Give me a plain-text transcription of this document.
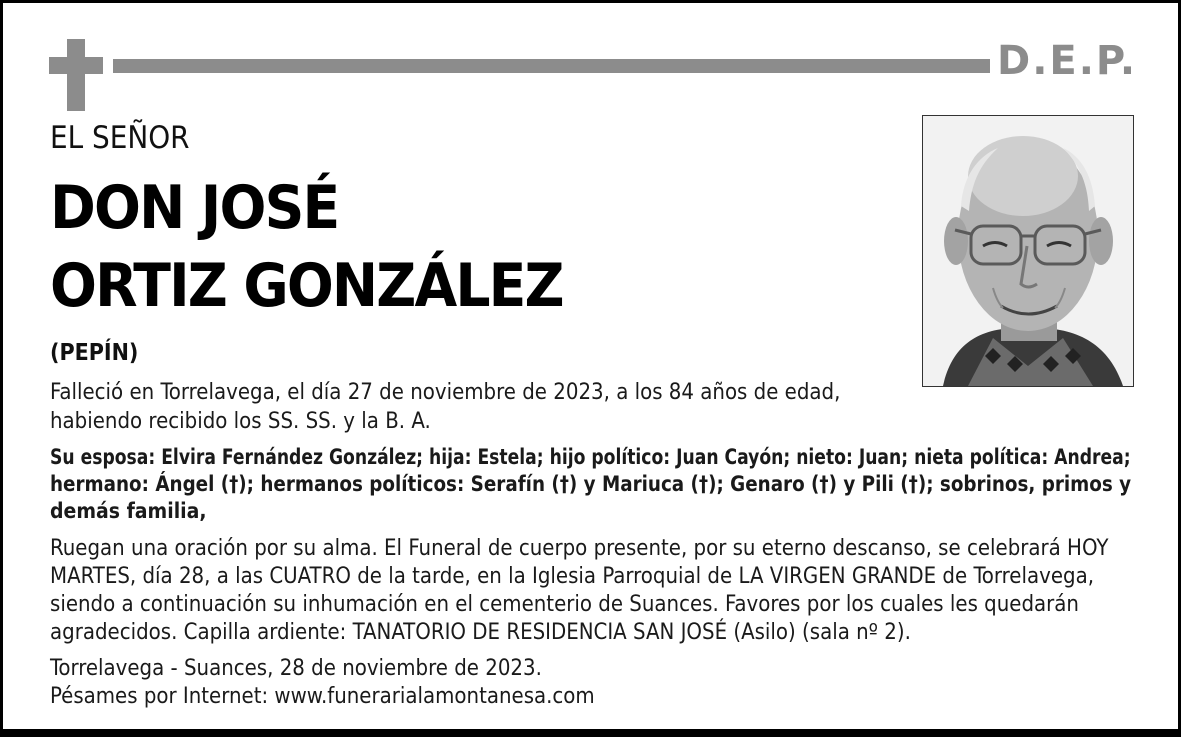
D.E.P.
EL SEÑOR
DON JOSÉ
ORTIZ GONZÁLEZ
(PEPÍN)
Falleció en Torrelavega, el día 27 de noviembre de 2023, a los 84 años de edad,
habiendo recibido los SS. SS. y la B. A.
Su esposa: Elvira Fernández González; hija: Estela; hijo político: Juan Cayón; nieto: Juan; nieta política: Andrea;
hermano: Ángel (†); hermanos políticos: Serafín (†) y Mariuca (†); Genaro (†) y Pili (†); sobrinos, primos y
demás familia,
Ruegan una oración por su alma. El Funeral de cuerpo presente, por su eterno descanso, se celebrará HOY
MARTES, día 28, a las CUATRO de la tarde, en la Iglesia Parroquial de LA VIRGEN GRANDE de Torrelavega,
siendo a continuación su inhumación en el cementerio de Suances. Favores por los cuales les quedarán
agradecidos. Capilla ardiente: TANATORIO DE RESIDENCIA SAN JOSÉ (Asilo) (sala nº 2).
Torrelavega - Suances, 28 de noviembre de 2023.
Pésames por Internet: www.funerarialamontanesa.com
